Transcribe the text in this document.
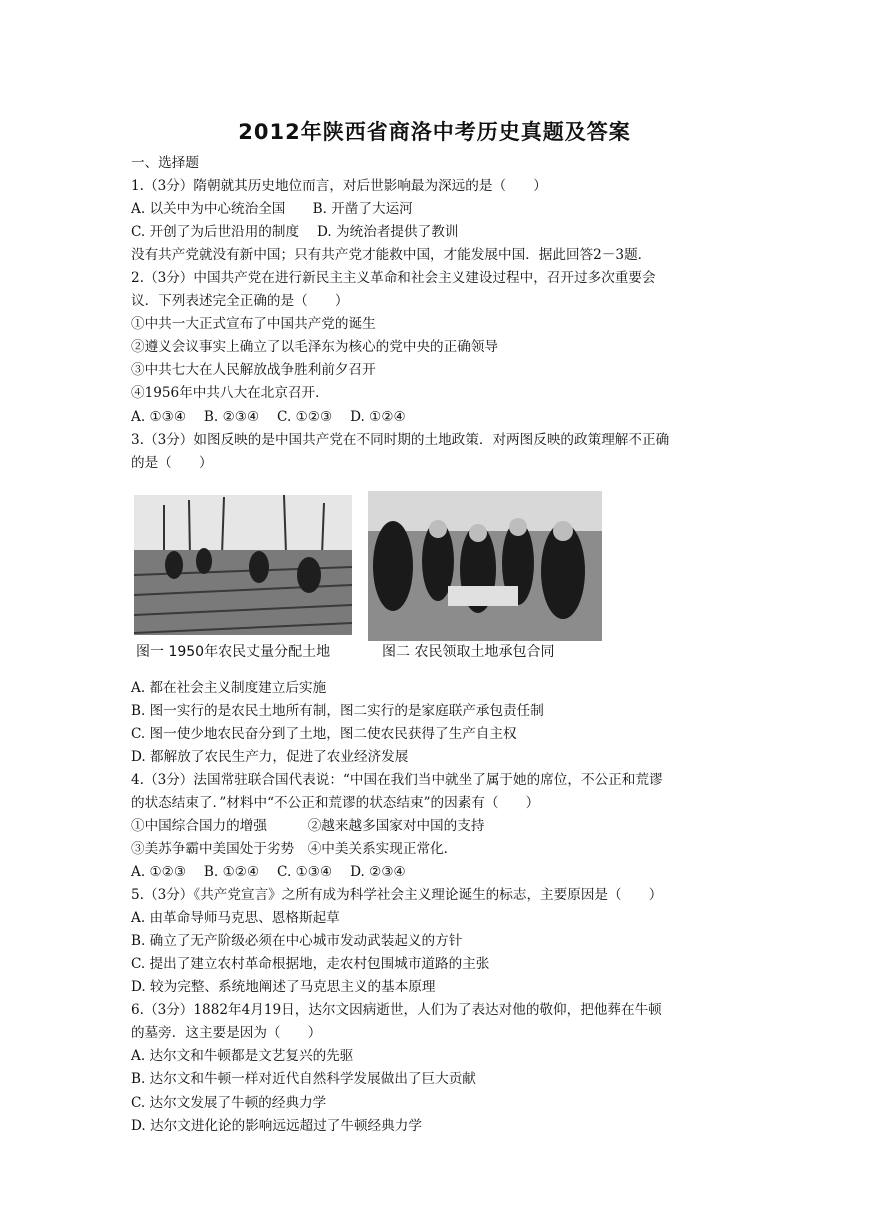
2012年陕西省商洛中考历史真题及答案
一、选择题
1.（3分）隋朝就其历史地位而言，对后世影响最为深远的是（　　）
A. 以关中为中心统治全国　　B. 开凿了大运河
C. 开创了为后世沿用的制度　 D. 为统治者提供了教训
没有共产党就没有新中国；只有共产党才能救中国，才能发展中国．据此回答2－3题．
2.（3分）中国共产党在进行新民主主义革命和社会主义建设过程中，召开过多次重要会
议．下列表述完全正确的是（　　）
①中共一大正式宣布了中国共产党的诞生
②遵义会议事实上确立了以毛泽东为核心的党中央的正确领导
③中共七大在人民解放战争胜利前夕召开
④1956年中共八大在北京召开．
A. ①③④　 B. ②③④　 C. ①②③　 D. ①②④
3.（3分）如图反映的是中国共产党在不同时期的土地政策．对两图反映的政策理解不正确
的是（　　）
图一 1950年农民丈量分配土地	图二 农民领取土地承包合同
A. 都在社会主义制度建立后实施
B. 图一实行的是农民土地所有制，图二实行的是家庭联产承包责任制
C. 图一使少地农民奋分到了土地，图二使农民获得了生产自主权
D. 都解放了农民生产力，促进了农业经济发展
4.（3分）法国常驻联合国代表说：“中国在我们当中就坐了属于她的席位，不公正和荒谬
的状态结束了．”材料中“不公正和荒谬的状态结束”的因素有（　　）
①中国综合国力的增强　　　②越来越多国家对中国的支持
③美苏争霸中美国处于劣势　④中美关系实现正常化．
A. ①②③　 B. ①②④　 C. ①③④　 D. ②③④
5.（3分）《共产党宣言》之所有成为科学社会主义理论诞生的标志，主要原因是（　　）
A. 由革命导师马克思、恩格斯起草
B. 确立了无产阶级必须在中心城市发动武装起义的方针
C. 提出了建立农村革命根据地，走农村包围城市道路的主张
D. 较为完整、系统地阐述了马克思主义的基本原理
6.（3分）1882年4月19日，达尔文因病逝世，人们为了表达对他的敬仰，把他葬在牛顿
的墓旁．这主要是因为（　　）
A. 达尔文和牛顿都是文艺复兴的先驱
B. 达尔文和牛顿一样对近代自然科学发展做出了巨大贡献
C. 达尔文发展了牛顿的经典力学
D. 达尔文进化论的影响远远超过了牛顿经典力学
